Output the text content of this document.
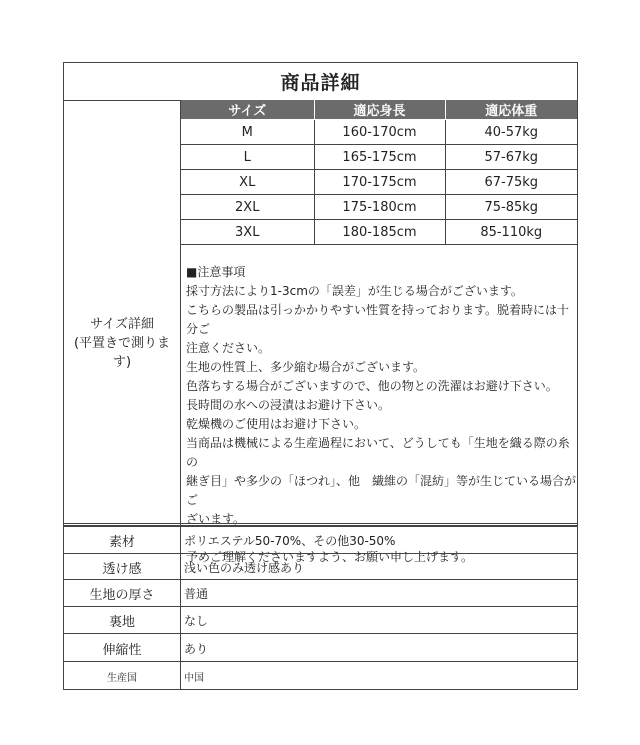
商品詳細
サイズ詳細
(平置きで測りま
す)
サイズ	適応身長	適応体重
M	160-170cm	40-57kg
L	165-175cm	57-67kg
XL	170-175cm	67-75kg
2XL	175-180cm	75-85kg
3XL	180-185cm	85-110kg

■注意事項

採寸方法により1-3cmの「誤差」が生じる場合がございます。

こちらの製品は引っかかりやすい性質を持っております。脱着時には十分ご

注意ください。

生地の性質上、多少縮む場合がございます。

色落ちする場合がございますので、他の物との洗濯はお避け下さい。

長時間の水への浸漬はお避け下さい。

乾燥機のご使用はお避け下さい。

当商品は機械による生産過程において、どうしても「生地を織る際の糸の

継ぎ目」や多少の「ほつれ」、他　繊維の「混紡」等が生じている場合がご

ざいます。

予めご理解くださいますよう、お願い申し上げます。

素材	ポリエステル50-70%、その他30-50%
透け感	浅い色のみ透け感あり
生地の厚さ	普通
裏地	なし
伸縮性	あり
生産国	中国
